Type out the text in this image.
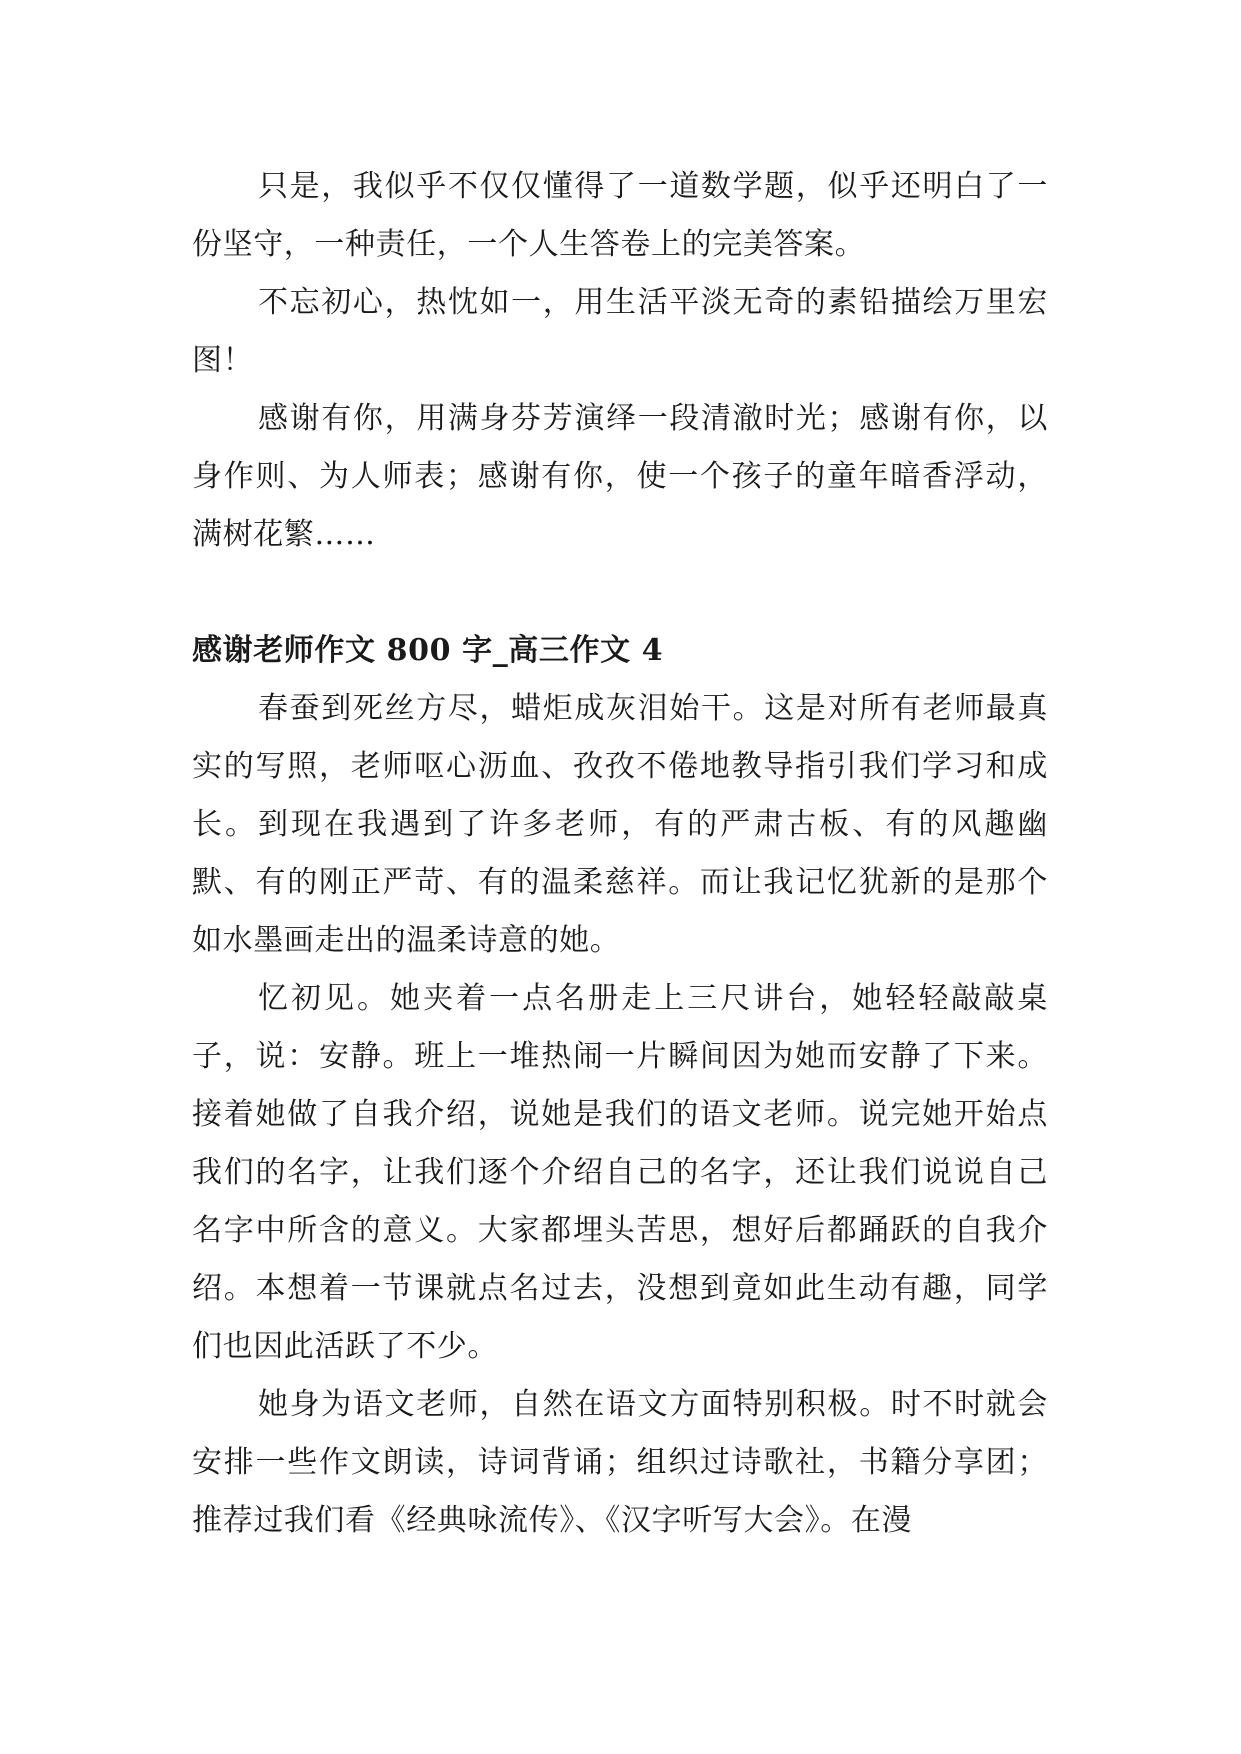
只是，我似乎不仅仅懂得了一道数学题，似乎还明白了一份坚守，一种责任，一个人生答卷上的完美答案。

不忘初心，热忱如一，用生活平淡无奇的素铅描绘万里宏图！

感谢有你，用满身芬芳演绎一段清澈时光；感谢有你，以身作则、为人师表；感谢有你，使一个孩子的童年暗香浮动，满树花繁……

感谢老师作文 800 字_高三作文 4

春蚕到死丝方尽，蜡炬成灰泪始干。这是对所有老师最真实的写照，老师呕心沥血、孜孜不倦地教导指引我们学习和成长。到现在我遇到了许多老师，有的严肃古板、有的风趣幽默、有的刚正严苛、有的温柔慈祥。而让我记忆犹新的是那个如水墨画走出的温柔诗意的她。

忆初见。她夹着一点名册走上三尺讲台，她轻轻敲敲桌子，说：安静。班上一堆热闹一片瞬间因为她而安静了下来。接着她做了自我介绍，说她是我们的语文老师。说完她开始点我们的名字，让我们逐个介绍自己的名字，还让我们说说自己名字中所含的意义。大家都埋头苦思，想好后都踊跃的自我介绍。本想着一节课就点名过去，没想到竟如此生动有趣，同学们也因此活跃了不少。

她身为语文老师，自然在语文方面特别积极。时不时就会安排一些作文朗读，诗词背诵；组织过诗歌社，书籍分享团；推荐过我们看《经典咏流传》、《汉字听写大会》。在漫
